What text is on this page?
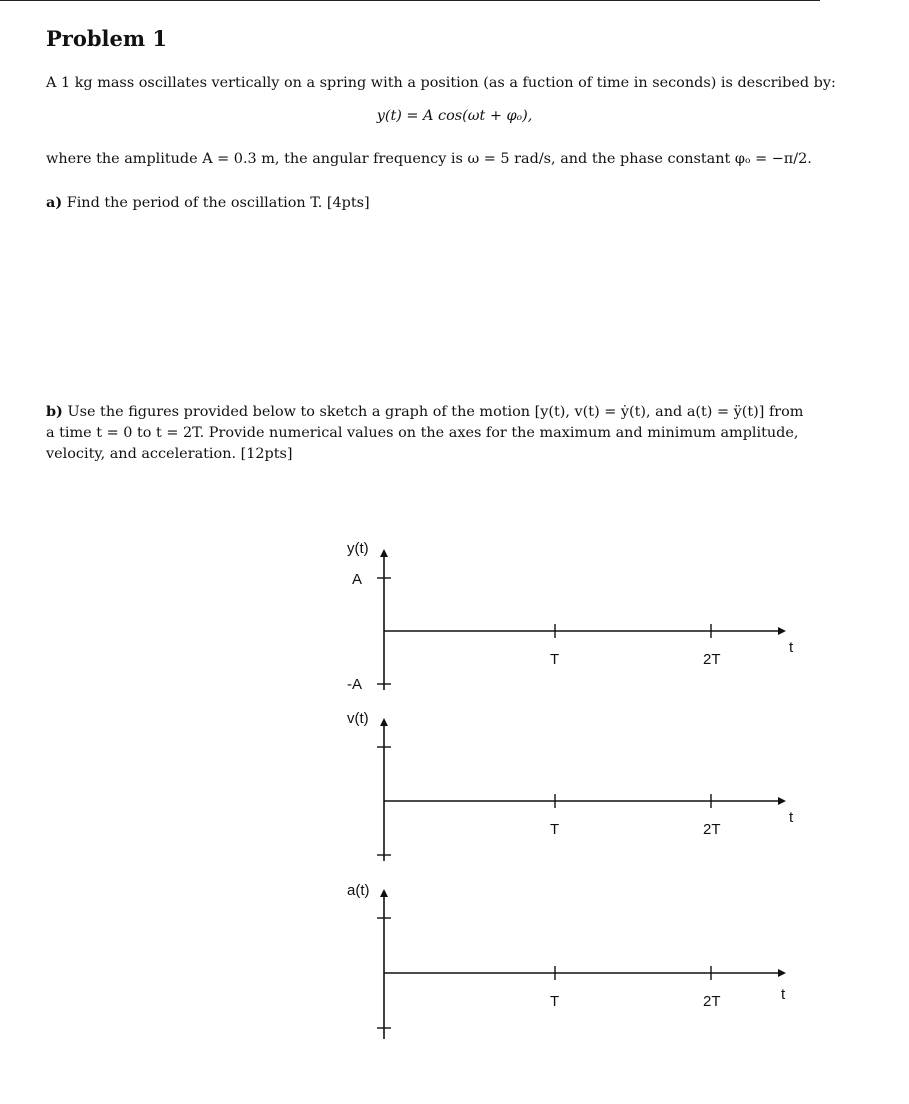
Problem 1
A 1 kg mass oscillates vertically on a spring with a position (as a fuction of time in seconds) is described by:
y(t) = A cos(ωt + φₒ),
where the amplitude A = 0.3 m, the angular frequency is ω = 5 rad/s, and the phase constant φₒ = −π/2.
a) Find the period of the oscillation T. [4pts]
b) Use the figures provided below to sketch a graph of the motion [y(t), v(t) = ẏ(t), and a(t) = ÿ(t)] from
a time t = 0 to t = 2T. Provide numerical values on the axes for the maximum and minimum amplitude,
velocity, and acceleration. [12pts]
y(t)
A
-A
T	2T
t
v(t)
T	2T
t
a(t)
T	2T	t
